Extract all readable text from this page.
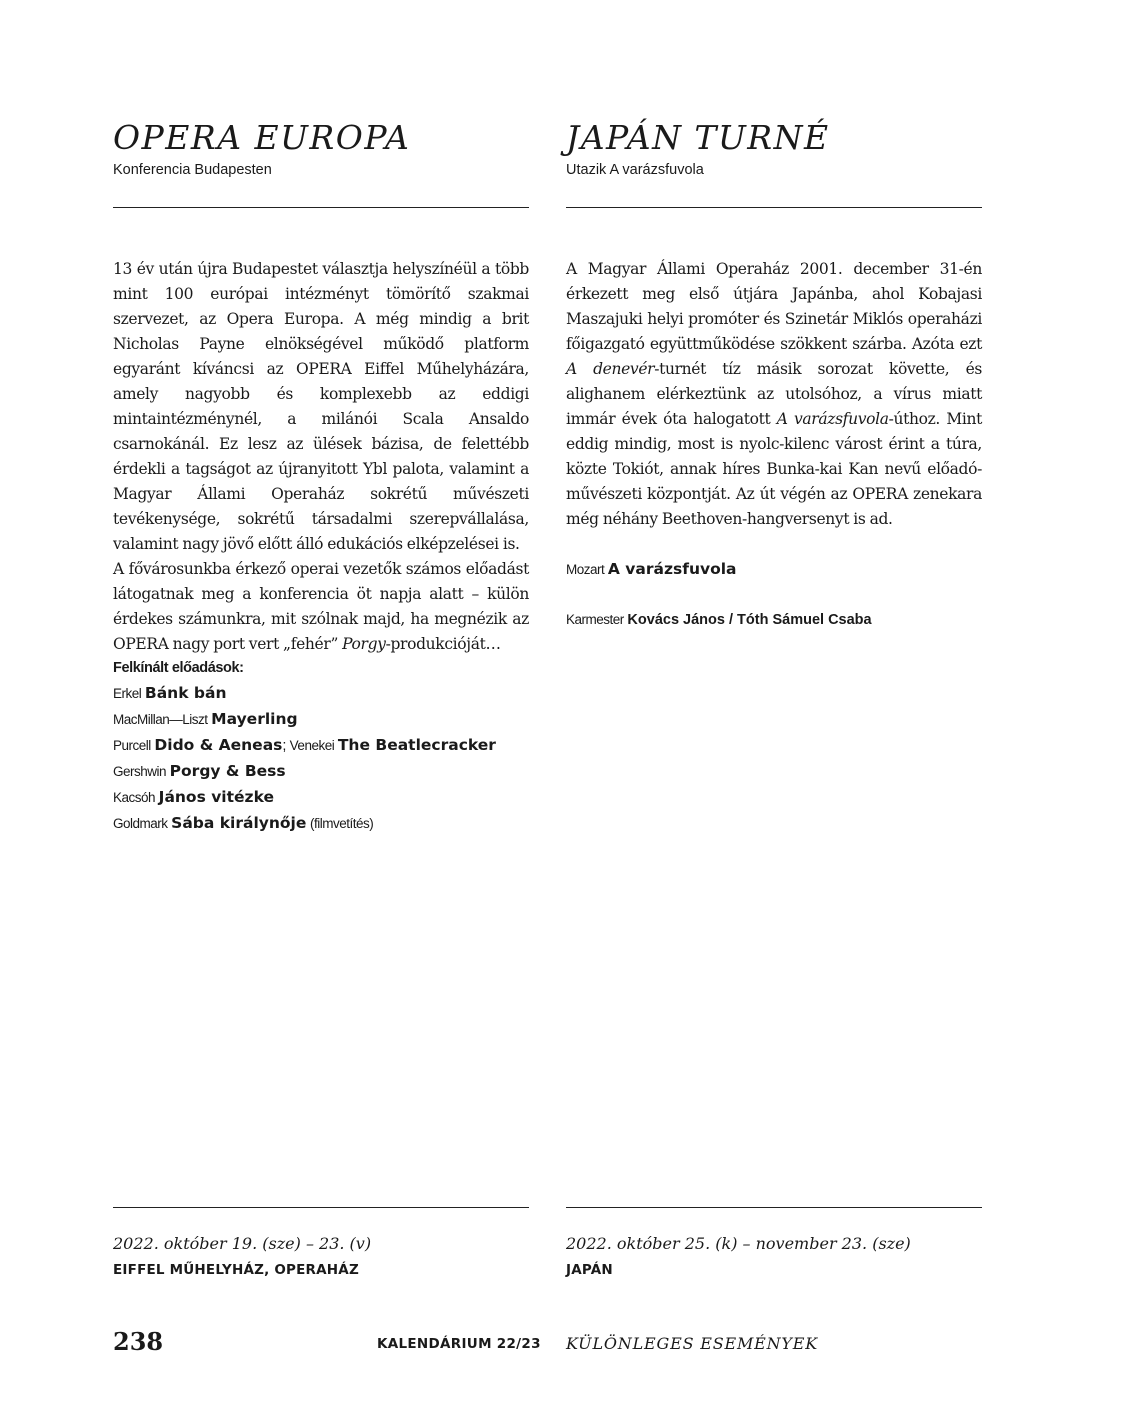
OPERA EUROPA
Konferencia Budapesten

13 év után újra Budapestet választja helyszínéül a több mint 100 európai intézményt tömörítő szakmai szervezet, az Opera Europa. A még mindig a brit Nicholas Payne elnökségével működő platform egyaránt kíváncsi az OPERA Eiffel Műhelyházára, amely nagyobb és komplexebb az eddigi mintaintézménynél, a milánói Scala Ansaldo csarnokánál. Ez lesz az ülések bázisa, de felettébb érdekli a tagságot az újranyitott Ybl palota, valamint a Magyar Állami Operaház sokrétű művészeti tevékenysége, sokrétű társadalmi szerepvállalása, valamint nagy jövő előtt álló edukációs elképzelései is.

A fővárosunkba érkező operai vezetők számos előadást látogatnak meg a konferencia öt napja alatt – külön érdekes számunkra, mit szólnak majd, ha megnézik az OPERA nagy port vert „fehér” Porgy-produkcióját…

Felkínált előadások:
Erkel Bánk bán
MacMillan—Liszt Mayerling
Purcell Dido & Aeneas; Venekei The Beatlecracker
Gershwin Porgy & Bess
Kacsóh János vitézke
Goldmark Sába királynője (filmvetítés)
2022. október 19. (sze) – 23. (v)
EIFFEL MŰHELYHÁZ, OPERAHÁZ
JAPÁN TURNÉ
Utazik A varázsfuvola

A Magyar Állami Operaház 2001. december 31-én érkezett meg első útjára Japánba, ahol Kobajasi Maszajuki helyi promóter és Szinetár Miklós operaházi főigazgató együttműködése szökkent szárba. Azóta ezt A denevér-turnét tíz másik sorozat követte, és alighanem elérkeztünk az utolsóhoz, a vírus miatt immár évek óta halogatott A varázsfuvola-úthoz. Mint eddig mindig, most is nyolc-kilenc várost érint a túra, közte Tokiót, annak híres Bunka-kai Kan nevű előadó-művészeti központját. Az út végén az OPERA zenekara még néhány Beethoven-hangversenyt is ad.

Mozart A varázsfuvola
Karmester Kovács János / Tóth Sámuel Csaba
2022. október 25. (k) – november 23. (sze)
JAPÁN
238	KALENDÁRIUM 22/23 KÜLÖNLEGES ESEMÉNYEK
